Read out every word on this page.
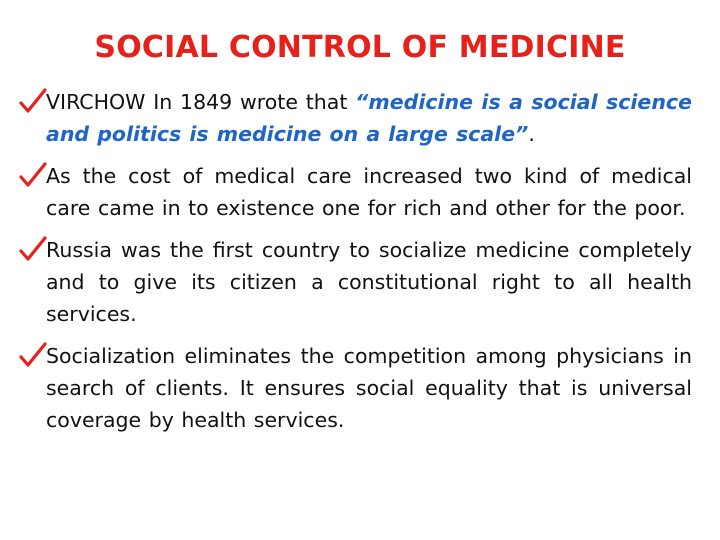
SOCIAL CONTROL OF MEDICINE
VIRCHOW In 1849 wrote that “medicine is a social science and politics is medicine on a large scale”.
As the cost of medical care increased two kind of medical care came in to existence one for rich and other for the poor.
Russia was the first country to socialize medicine completely and to give its citizen a constitutional right to all health services.
Socialization eliminates the competition among physicians in search of clients. It ensures social equality that is universal coverage by health services.
